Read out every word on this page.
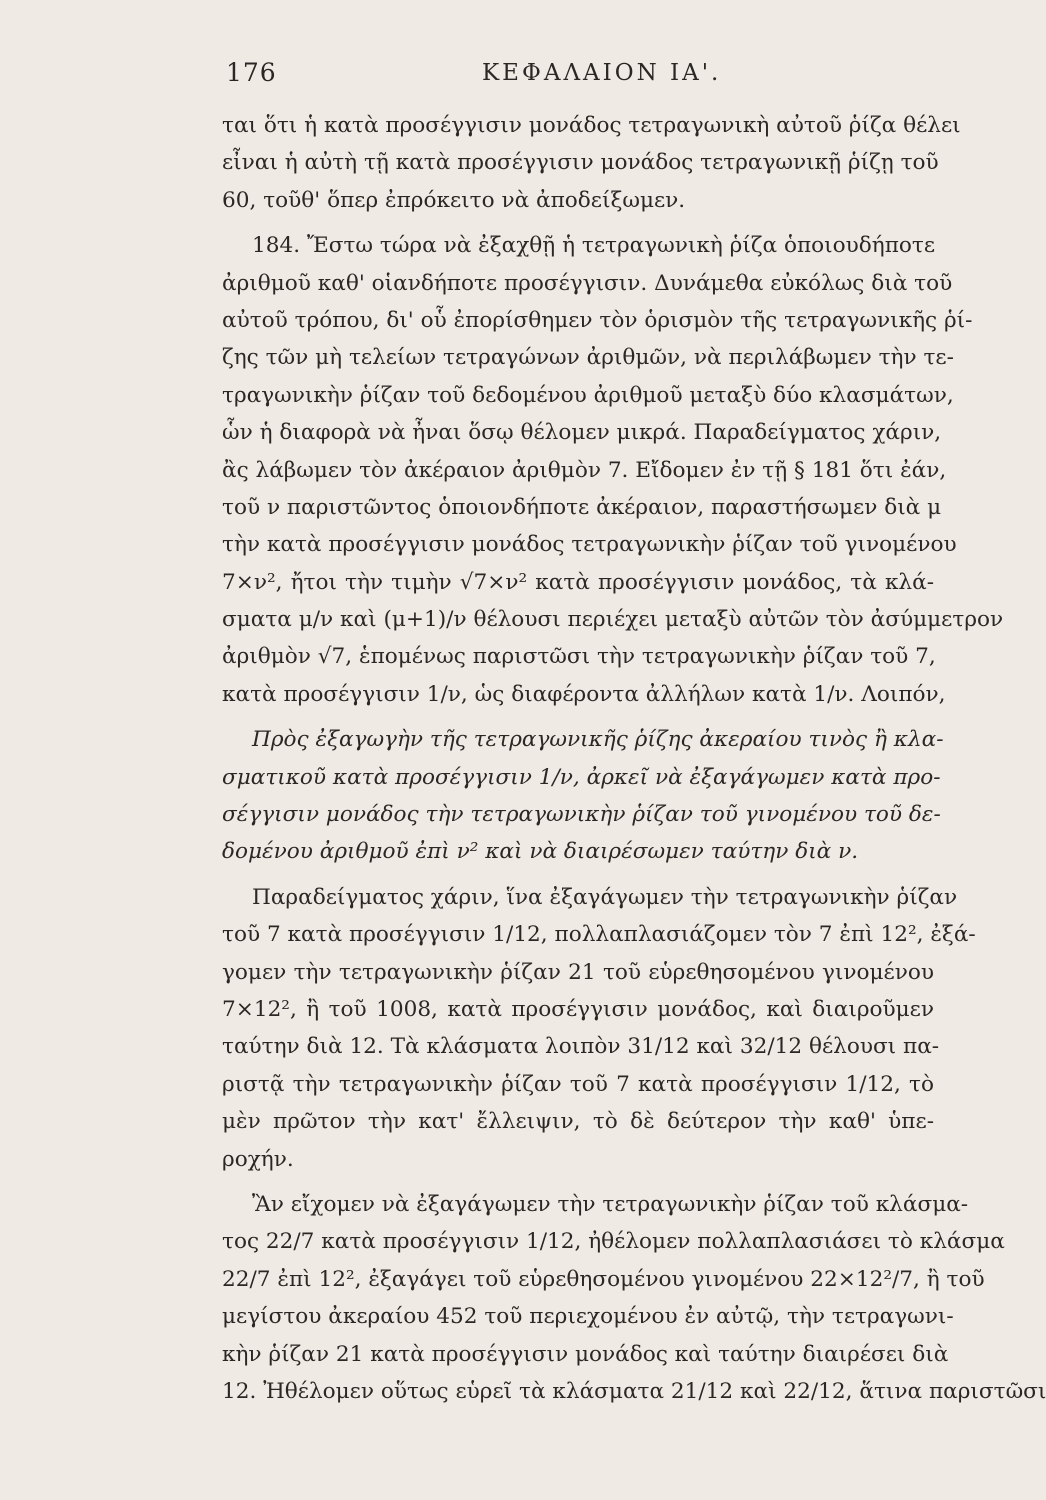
176	ΚΕΦΑΛΑΙΟΝ ΙΑ'.
ται ὅτι ἡ κατὰ προσέγγισιν μονάδος τετραγωνικὴ αὐτοῦ ῥίζα θέλει
εἶναι ἡ αὐτὴ τῇ κατὰ προσέγγισιν μονάδος τετραγωνικῇ ῥίζῃ τοῦ
60, τοῦθ' ὅπερ ἐπρόκειτο νὰ ἀποδείξωμεν.
184. Ἔστω τώρα νὰ ἐξαχθῇ ἡ τετραγωνικὴ ῥίζα ὁποιουδήποτε
ἀριθμοῦ καθ' οἱανδήποτε προσέγγισιν. Δυνάμεθα εὐκόλως διὰ τοῦ
αὐτοῦ τρόπου, δι' οὗ ἐπορίσθημεν τὸν ὁρισμὸν τῆς τετραγωνικῆς ῥί-
ζης τῶν μὴ τελείων τετραγώνων ἀριθμῶν, νὰ περιλάβωμεν τὴν τε-
τραγωνικὴν ῥίζαν τοῦ δεδομένου ἀριθμοῦ μεταξὺ δύο κλασμάτων,
ὧν ἡ διαφορὰ νὰ ἦναι ὅσῳ θέλομεν μικρά. Παραδείγματος χάριν,
ἂς λάβωμεν τὸν ἀκέραιον ἀριθμὸν 7. Εἴδομεν ἐν τῇ § 181 ὅτι ἐάν,
τοῦ ν παριστῶντος ὁποιονδήποτε ἀκέραιον, παραστήσωμεν διὰ μ
τὴν κατὰ προσέγγισιν μονάδος τετραγωνικὴν ῥίζαν τοῦ γινομένου
7×ν², ἤτοι τὴν τιμὴν √7×ν² κατὰ προσέγγισιν μονάδος, τὰ κλά-
σματα μ/ν καὶ (μ+1)/ν θέλουσι περιέχει μεταξὺ αὐτῶν τὸν ἀσύμμετρον
ἀριθμὸν √7, ἑπομένως παριστῶσι τὴν τετραγωνικὴν ῥίζαν τοῦ 7,
κατὰ προσέγγισιν 1/ν, ὡς διαφέροντα ἀλλήλων κατὰ 1/ν. Λοιπόν,
Πρὸς ἐξαγωγὴν τῆς τετραγωνικῆς ῥίζης ἀκεραίου τινὸς ἢ κλα-
σματικοῦ κατὰ προσέγγισιν 1/ν, ἀρκεῖ νὰ ἐξαγάγωμεν κατὰ προ-
σέγγισιν μονάδος τὴν τετραγωνικὴν ῥίζαν τοῦ γινομένου τοῦ δε-
δομένου ἀριθμοῦ ἐπὶ ν² καὶ νὰ διαιρέσωμεν ταύτην διὰ ν.
Παραδείγματος χάριν, ἵνα ἐξαγάγωμεν τὴν τετραγωνικὴν ῥίζαν
τοῦ 7 κατὰ προσέγγισιν 1/12, πολλαπλασιάζομεν τὸν 7 ἐπὶ 12², ἐξά-
γομεν τὴν τετραγωνικὴν ῥίζαν 21 τοῦ εὑρεθησομένου γινομένου
7×12², ἢ τοῦ 1008, κατὰ προσέγγισιν μονάδος, καὶ διαιροῦμεν
ταύτην διὰ 12. Τὰ κλάσματα λοιπὸν 31/12 καὶ 32/12 θέλουσι πα-
ριστᾷ τὴν τετραγωνικὴν ῥίζαν τοῦ 7 κατὰ προσέγγισιν 1/12, τὸ
μὲν πρῶτον τὴν κατ' ἔλλειψιν, τὸ δὲ δεύτερον τὴν καθ' ὑπε-
ροχήν.
Ἂν εἴχομεν νὰ ἐξαγάγωμεν τὴν τετραγωνικὴν ῥίζαν τοῦ κλάσμα-
τος 22/7 κατὰ προσέγγισιν 1/12, ἠθέλομεν πολλαπλασιάσει τὸ κλάσμα
22/7 ἐπὶ 12², ἐξαγάγει τοῦ εὑρεθησομένου γινομένου 22×12²/7, ἢ τοῦ
μεγίστου ἀκεραίου 452 τοῦ περιεχομένου ἐν αὐτῷ, τὴν τετραγωνι-
κὴν ῥίζαν 21 κατὰ προσέγγισιν μονάδος καὶ ταύτην διαιρέσει διὰ
12. Ἠθέλομεν οὕτως εὑρεῖ τὰ κλάσματα 21/12 καὶ 22/12, ἅτινα παριστῶσι
